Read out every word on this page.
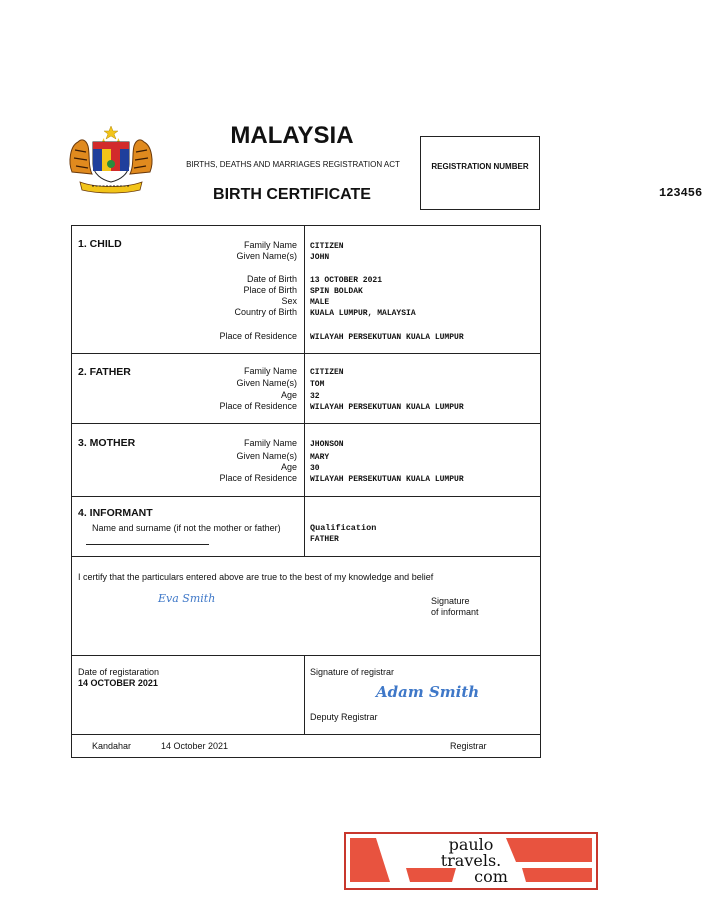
MALAYSIA
BIRTHS, DEATHS AND MARRIAGES REGISTRATION ACT
BIRTH CERTIFICATE
REGISTRATION NUMBER
123456
1. CHILD	Family Name CITIZEN
Given Name(s) JOHN
Date of Birth 13 OCTOBER 2021
Place of Birth SPIN BOLDAK
Sex MALE
Country of Birth KUALA LUMPUR, MALAYSIA
Place of Residence WILAYAH PERSEKUTUAN KUALA LUMPUR
2. FATHER	Family Name CITIZEN
Given Name(s) TOM
Age 32
Place of Residence WILAYAH PERSEKUTUAN KUALA LUMPUR
3. MOTHER	Family Name JHONSON
Given Name(s) MARY
Age 30
Place of Residence WILAYAH PERSEKUTUAN KUALA LUMPUR
4. INFORMANT
Name and surname (if not the mother or father)	Qualification
FATHER
I certify that the particulars entered above are true to the best of my knowledge and belief
Eva Smith	Signature
of informant
Date of registaration
14 OCTOBER 2021
Signature of registrar
Adam Smith
Deputy Registrar
Kandahar	14 October 2021	Registrar
paulo
travels.
com
